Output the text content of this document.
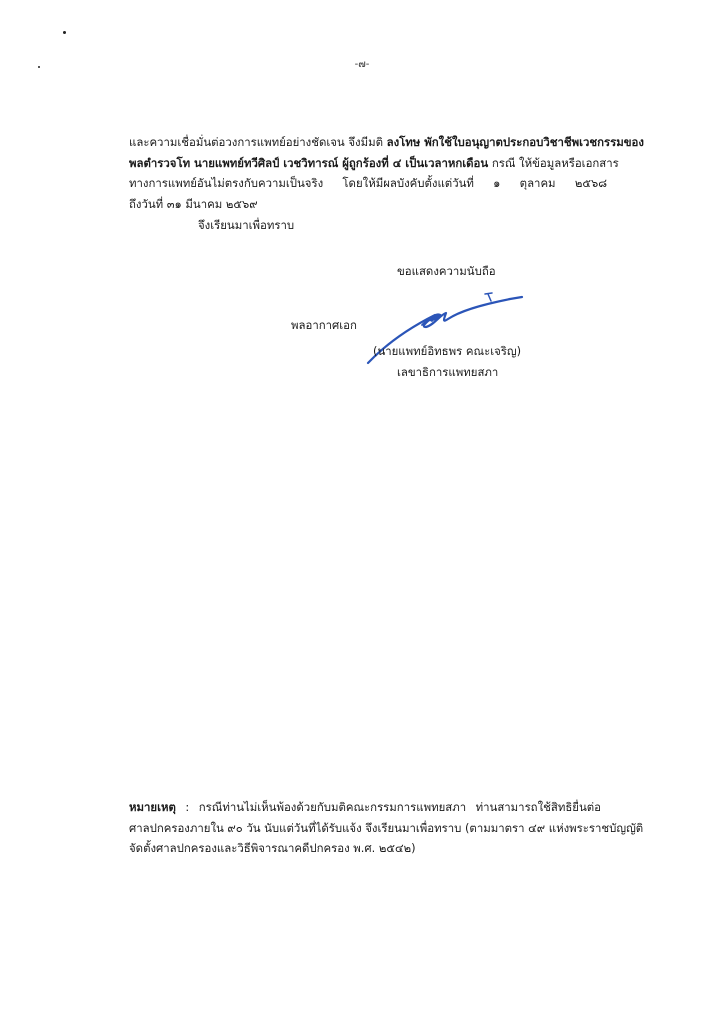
-๗-
และความเชื่อมั่นต่อวงการแพทย์อย่างชัดเจน จึงมีมติ ลงโทษ พักใช้ใบอนุญาตประกอบวิชาชีพเวชกรรมของ
พลตำรวจโท นายแพทย์ทวีศิลป์ เวชวิทารณ์ ผู้ถูกร้องที่ ๔ เป็นเวลาหกเดือน กรณี ให้ข้อมูลหรือเอกสาร
ทางการแพทย์อันไม่ตรงกับความเป็นจริง โดยให้มีผลบังคับตั้งแต่วันที่ ๑ ตุลาคม ๒๕๖๘
ถึงวันที่ ๓๑ มีนาคม ๒๕๖๙
จึงเรียนมาเพื่อทราบ
ขอแสดงความนับถือ
พลอากาศเอก
(นายแพทย์อิทธพร คณะเจริญ)
เลขาธิการแพทยสภา
หมายเหตุ : กรณีท่านไม่เห็นพ้องด้วยกับมติคณะกรรมการแพทยสภา ท่านสามารถใช้สิทธิยื่นต่อ
ศาลปกครองภายใน ๙๐ วัน นับแต่วันที่ได้รับแจ้ง จึงเรียนมาเพื่อทราบ (ตามมาตรา ๔๙ แห่งพระราชบัญญัติ
จัดตั้งศาลปกครองและวิธีพิจารณาคดีปกครอง พ.ศ. ๒๕๔๒)
